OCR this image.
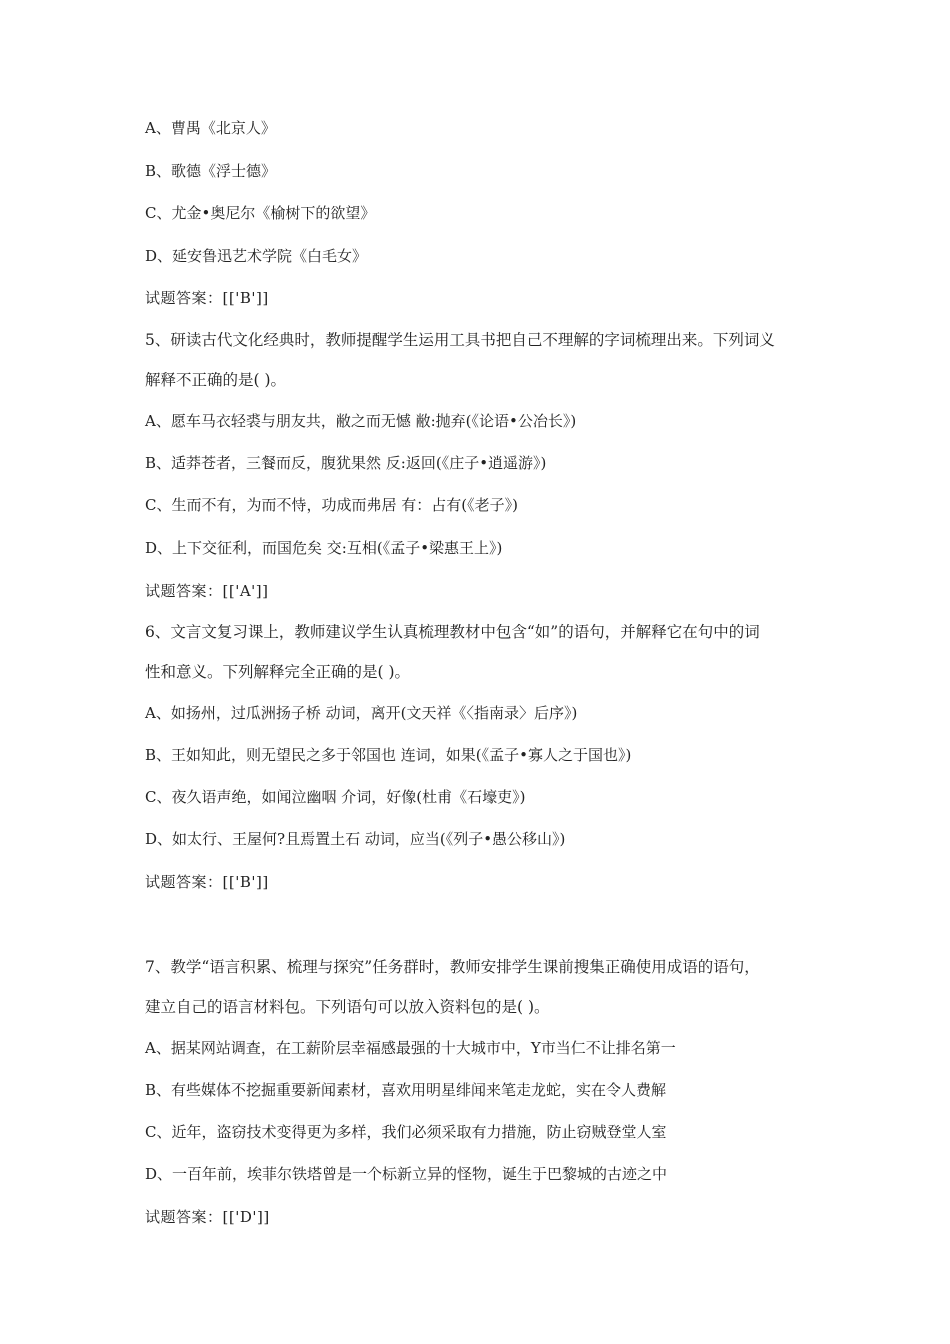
A、曹禺《北京人》
B、歌德《浮士德》
C、尤金•奥尼尔《榆树下的欲望》
D、延安鲁迅艺术学院《白毛女》
试题答案：[['B']]
5、研读古代文化经典时，教师提醒学生运用工具书把自己不理解的字词梳理出来。下列词义
解释不正确的是( )。
A、愿车马衣轻裘与朋友共，敝之而无憾 敝:抛弃(《论语•公冶长》)
B、适莽苍者，三餐而反，腹犹果然 反:返回(《庄子•逍遥游》)
C、生而不有，为而不恃，功成而弗居 有：占有(《老子》)
D、上下交征利，而国危矣 交:互相(《孟子•梁惠王上》)
试题答案：[['A']]
6、文言文复习课上，教师建议学生认真梳理教材中包含“如”的语句，并解释它在句中的词
性和意义。下列解释完全正确的是( )。
A、如扬州，过瓜洲扬子桥 动词，离开(文天祥《〈指南录〉后序》)
B、王如知此，则无望民之多于邻国也 连词，如果(《孟子•寡人之于国也》)
C、夜久语声绝，如闻泣幽咽 介词，好像(杜甫《石壕吏》)
D、如太行、王屋何?且焉置土石 动词，应当(《列子•愚公移山》)
试题答案：[['B']]
7、教学“语言积累、梳理与探究”任务群时，教师安排学生课前搜集正确使用成语的语句，
建立自己的语言材料包。下列语句可以放入资料包的是( )。
A、据某网站调查，在工薪阶层幸福感最强的十大城市中，Y市当仁不让排名第一
B、有些媒体不挖掘重要新闻素材，喜欢用明星绯闻来笔走龙蛇，实在令人费解
C、近年，盗窃技术变得更为多样，我们必须采取有力措施，防止窃贼登堂人室
D、一百年前，埃菲尔铁塔曾是一个标新立异的怪物，诞生于巴黎城的古迹之中
试题答案：[['D']]
